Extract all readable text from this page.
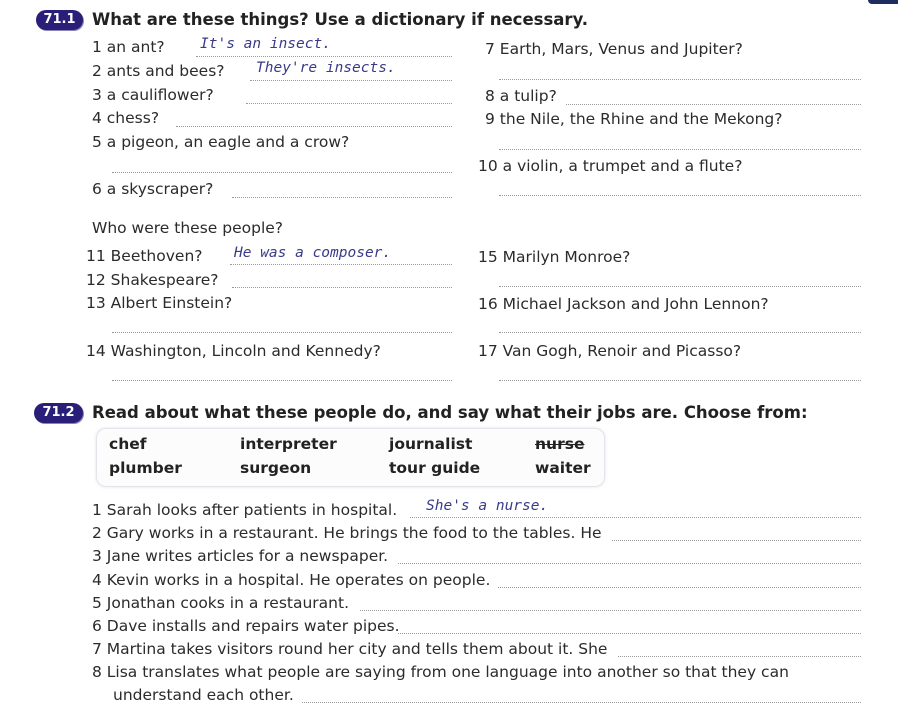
71.1 What are these things? Use a dictionary if necessary.
1 an ant? It's an insect.
2 ants and bees? They're insects.
3 a cauliflower?
4 chess?
5 a pigeon, an eagle and a crow?
6 a skyscraper?
7 Earth, Mars, Venus and Jupiter?
8 a tulip?
9 the Nile, the Rhine and the Mekong?
10 a violin, a trumpet and a flute?
Who were these people?
11 Beethoven? He was a composer.
12 Shakespeare?
13 Albert Einstein?
14 Washington, Lincoln and Kennedy?
15 Marilyn Monroe?
16 Michael Jackson and John Lennon?
17 Van Gogh, Renoir and Picasso?
71.2	Read about what these people do, and say what their jobs are. Choose from:
chef	interpreter	journalist	nurse
plumber	surgeon	tour guide	waiter
1 Sarah looks after patients in hospital. She's a nurse.
2 Gary works in a restaurant. He brings the food to the tables. He
3 Jane writes articles for a newspaper.
4 Kevin works in a hospital. He operates on people.
5 Jonathan cooks in a restaurant.
6 Dave installs and repairs water pipes.
7 Martina takes visitors round her city and tells them about it. She
8 Lisa translates what people are saying from one language into another so that they can
understand each other.
